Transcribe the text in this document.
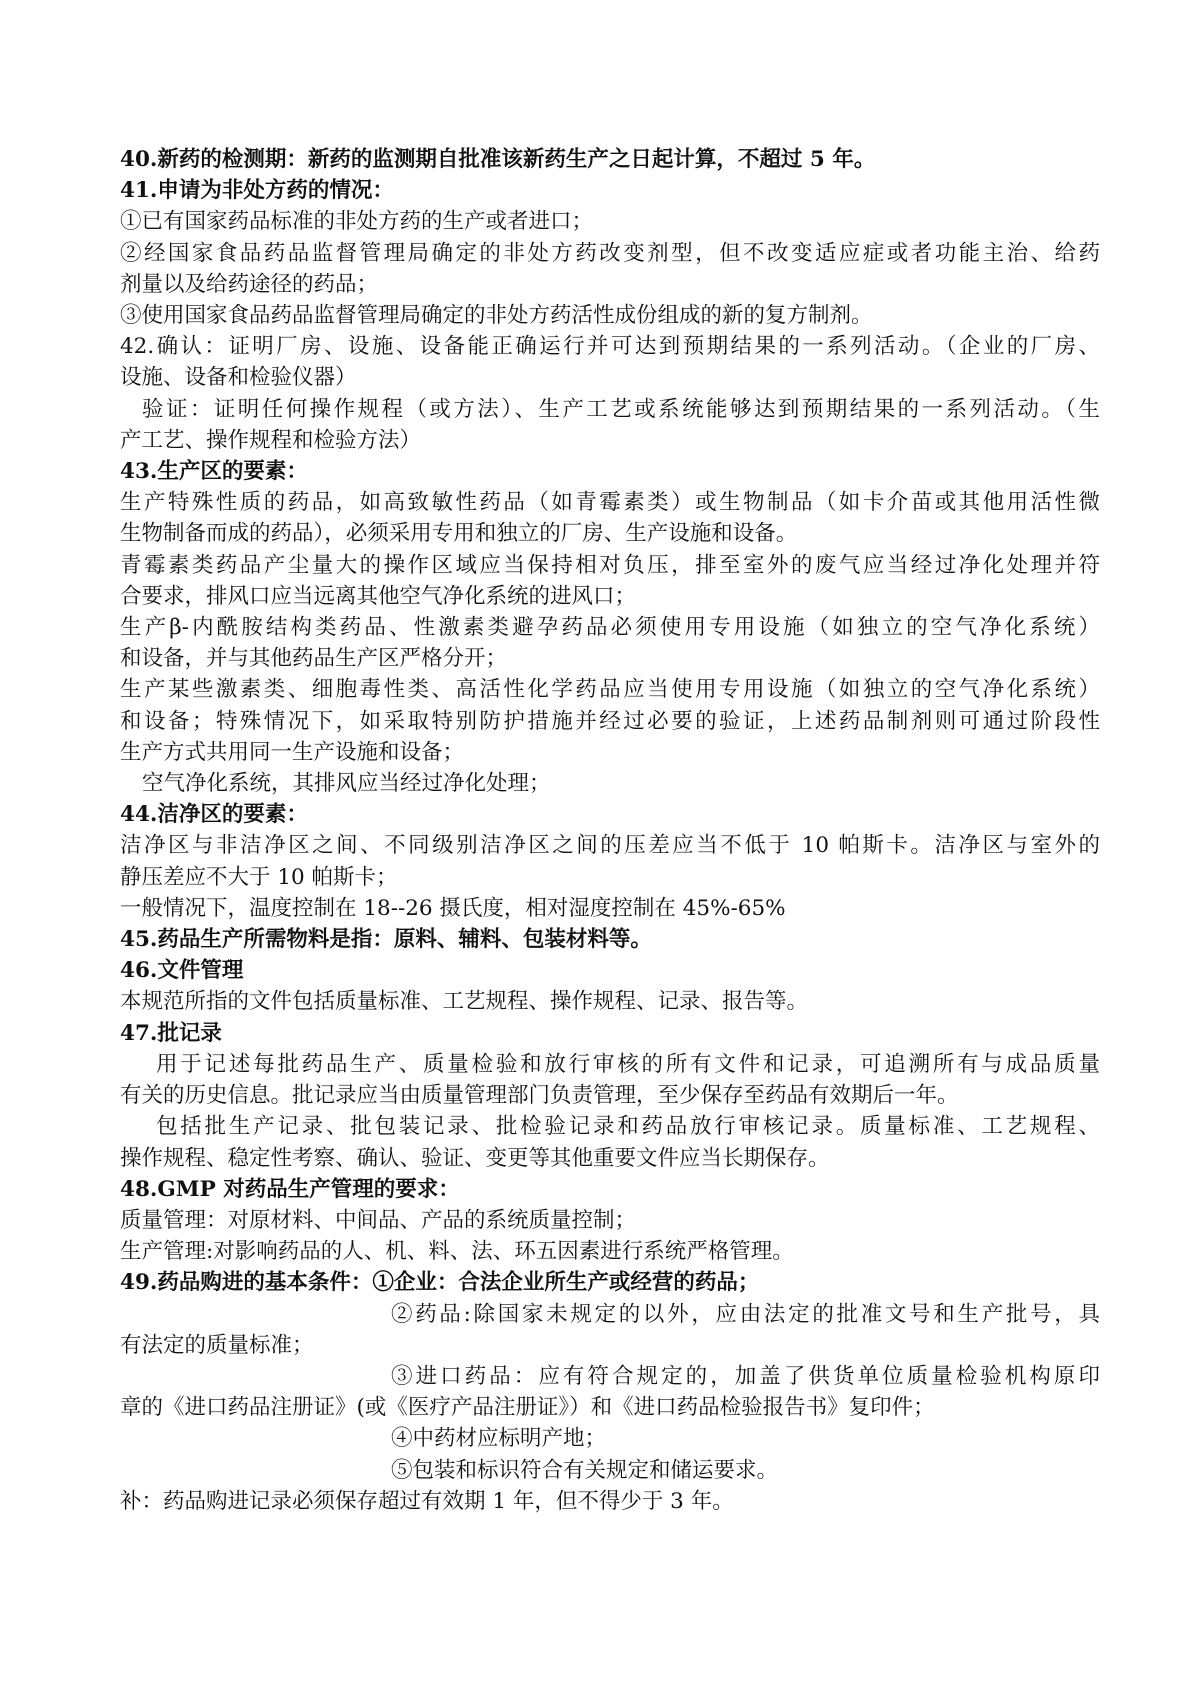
40.新药的检测期：新药的监测期自批准该新药生产之日起计算，不超过 5 年。
41.申请为非处方药的情况：
①已有国家药品标准的非处方药的生产或者进口；
②经国家食品药品监督管理局确定的非处方药改变剂型，但不改变适应症或者功能主治、给药
剂量以及给药途径的药品；
③使用国家食品药品监督管理局确定的非处方药活性成份组成的新的复方制剂。
42.确认：证明厂房、设施、设备能正确运行并可达到预期结果的一系列活动。（企业的厂房、
设施、设备和检验仪器）
验证：证明任何操作规程（或方法）、生产工艺或系统能够达到预期结果的一系列活动。（生
产工艺、操作规程和检验方法）
43.生产区的要素：
生产特殊性质的药品，如高致敏性药品（如青霉素类）或生物制品（如卡介苗或其他用活性微
生物制备而成的药品），必须采用专用和独立的厂房、生产设施和设备。
青霉素类药品产尘量大的操作区域应当保持相对负压，排至室外的废气应当经过净化处理并符
合要求，排风口应当远离其他空气净化系统的进风口；
生产β-内酰胺结构类药品、性激素类避孕药品必须使用专用设施（如独立的空气净化系统）
和设备，并与其他药品生产区严格分开；
生产某些激素类、细胞毒性类、高活性化学药品应当使用专用设施（如独立的空气净化系统）
和设备；特殊情况下，如采取特别防护措施并经过必要的验证，上述药品制剂则可通过阶段性
生产方式共用同一生产设施和设备；
空气净化系统，其排风应当经过净化处理；
44.洁净区的要素：
洁净区与非洁净区之间、不同级别洁净区之间的压差应当不低于 10 帕斯卡。洁净区与室外的
静压差应不大于 10 帕斯卡；
一般情况下，温度控制在 18--26 摄氏度，相对湿度控制在 45%-65%
45.药品生产所需物料是指：原料、辅料、包装材料等。
46.文件管理
本规范所指的文件包括质量标准、工艺规程、操作规程、记录、报告等。
47.批记录
用于记述每批药品生产、质量检验和放行审核的所有文件和记录，可追溯所有与成品质量
有关的历史信息。批记录应当由质量管理部门负责管理，至少保存至药品有效期后一年。
包括批生产记录、批包装记录、批检验记录和药品放行审核记录。质量标准、工艺规程、
操作规程、稳定性考察、确认、验证、变更等其他重要文件应当长期保存。
48.GMP 对药品生产管理的要求：
质量管理：对原材料、中间品、产品的系统质量控制；
生产管理:对影响药品的人、机、料、法、环五因素进行系统严格管理。
49.药品购进的基本条件：①企业：合法企业所生产或经营的药品；
②药品:除国家未规定的以外，应由法定的批准文号和生产批号，具
有法定的质量标准；
③进口药品：应有符合规定的，加盖了供货单位质量检验机构原印
章的《进口药品注册证》(或《医疗产品注册证》）和《进口药品检验报告书》复印件；
④中药材应标明产地；
⑤包装和标识符合有关规定和储运要求。
补：药品购进记录必须保存超过有效期 1 年，但不得少于 3 年。
